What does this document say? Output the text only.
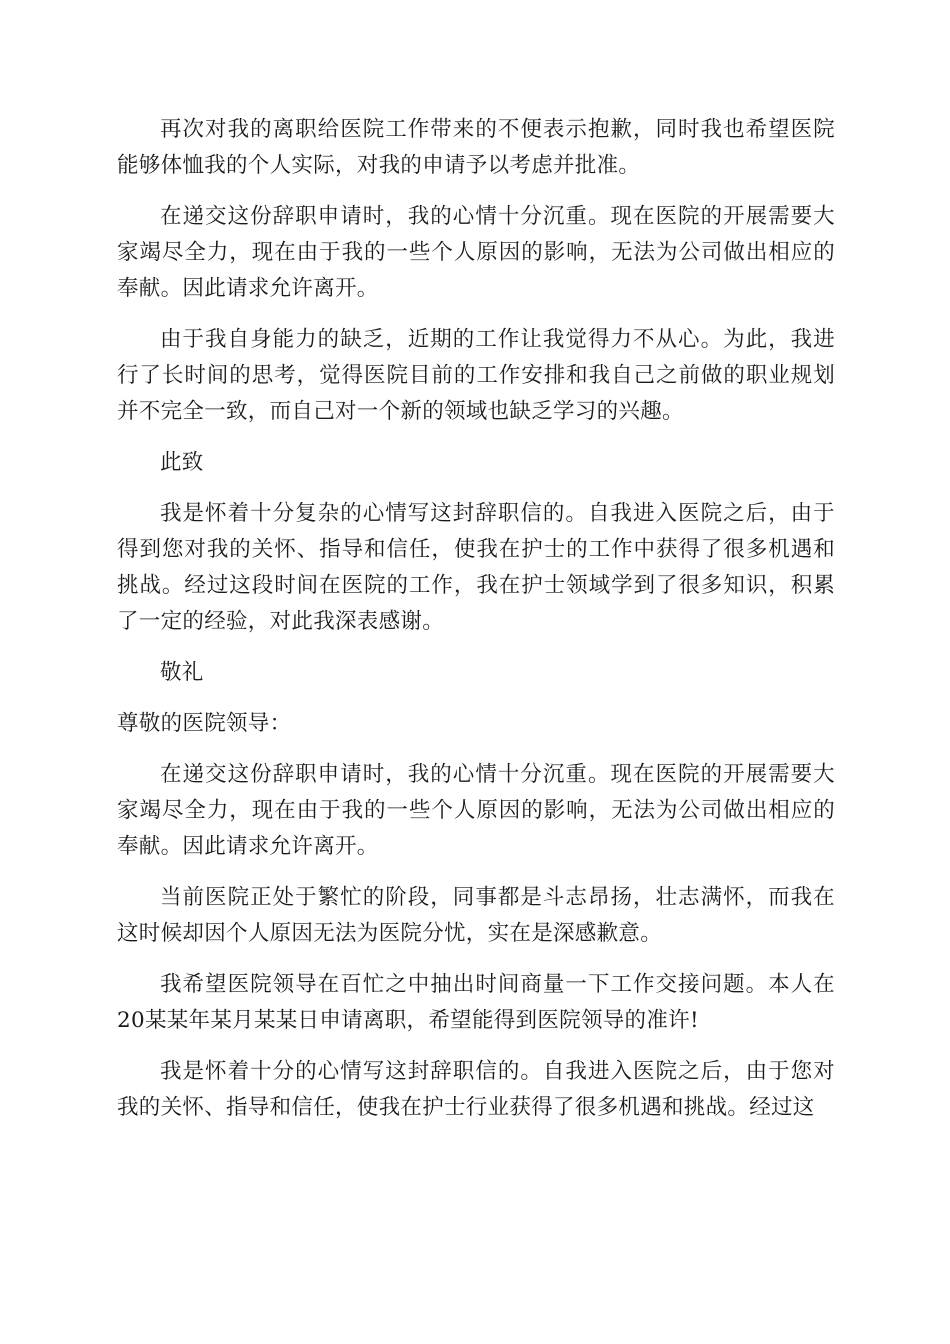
再次对我的离职给医院工作带来的不便表示抱歉，同时我也希望医院能够体恤我的个人实际，对我的申请予以考虑并批准。

在递交这份辞职申请时，我的心情十分沉重。现在医院的开展需要大家竭尽全力，现在由于我的一些个人原因的影响，无法为公司做出相应的奉献。因此请求允许离开。

由于我自身能力的缺乏，近期的工作让我觉得力不从心。为此，我进行了长时间的思考，觉得医院目前的工作安排和我自己之前做的职业规划并不完全一致，而自己对一个新的领域也缺乏学习的兴趣。

此致

我是怀着十分复杂的心情写这封辞职信的。自我进入医院之后，由于得到您对我的关怀、指导和信任，使我在护士的工作中获得了很多机遇和挑战。经过这段时间在医院的工作，我在护士领域学到了很多知识，积累了一定的经验，对此我深表感谢。

敬礼

尊敬的医院领导：

在递交这份辞职申请时，我的心情十分沉重。现在医院的开展需要大家竭尽全力，现在由于我的一些个人原因的影响，无法为公司做出相应的奉献。因此请求允许离开。

当前医院正处于繁忙的阶段，同事都是斗志昂扬，壮志满怀，而我在这时候却因个人原因无法为医院分忧，实在是深感歉意。

我希望医院领导在百忙之中抽出时间商量一下工作交接问题。本人在20某某年某月某某日申请离职，希望能得到医院领导的准许!

我是怀着十分的心情写这封辞职信的。自我进入医院之后，由于您对我的关怀、指导和信任，使我在护士行业获得了很多机遇和挑战。经过这
